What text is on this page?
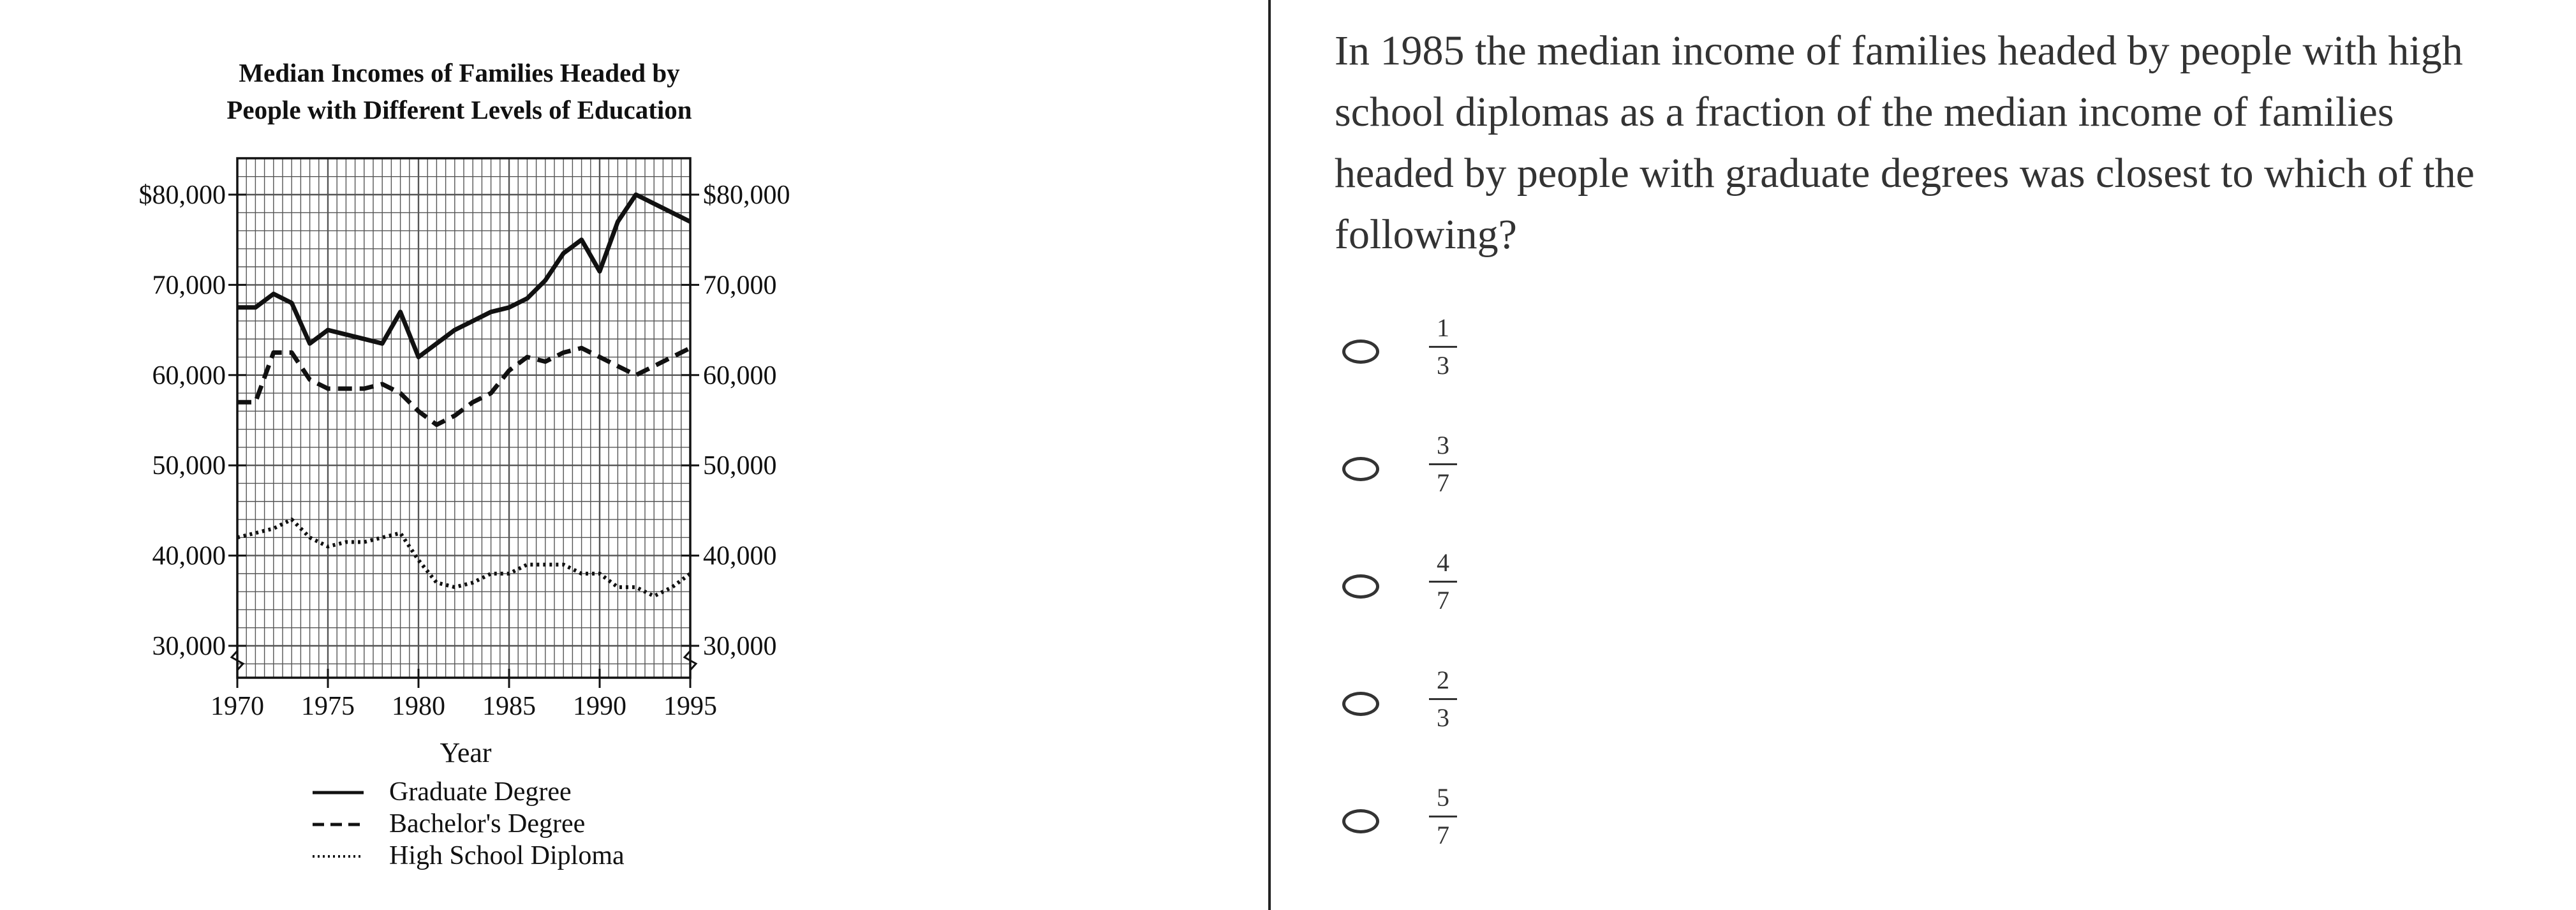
Median Incomes of Families Headed by
People with Different Levels of Education
30,000	30,000
40,000	40,000
50,000	50,000
60,000	60,000
70,000	70,000
$80,000	$80,000
1970 1975 1980 1985 1990 1995
Year
Graduate Degree
Bachelor's Degree
High School Diploma

In 1985 the median income of families headed by people with high school diplomas as a fraction of the median income of families headed by people with graduate degrees was closest to which of the following?

1
3
3
7
4
7
2
3
5
7
